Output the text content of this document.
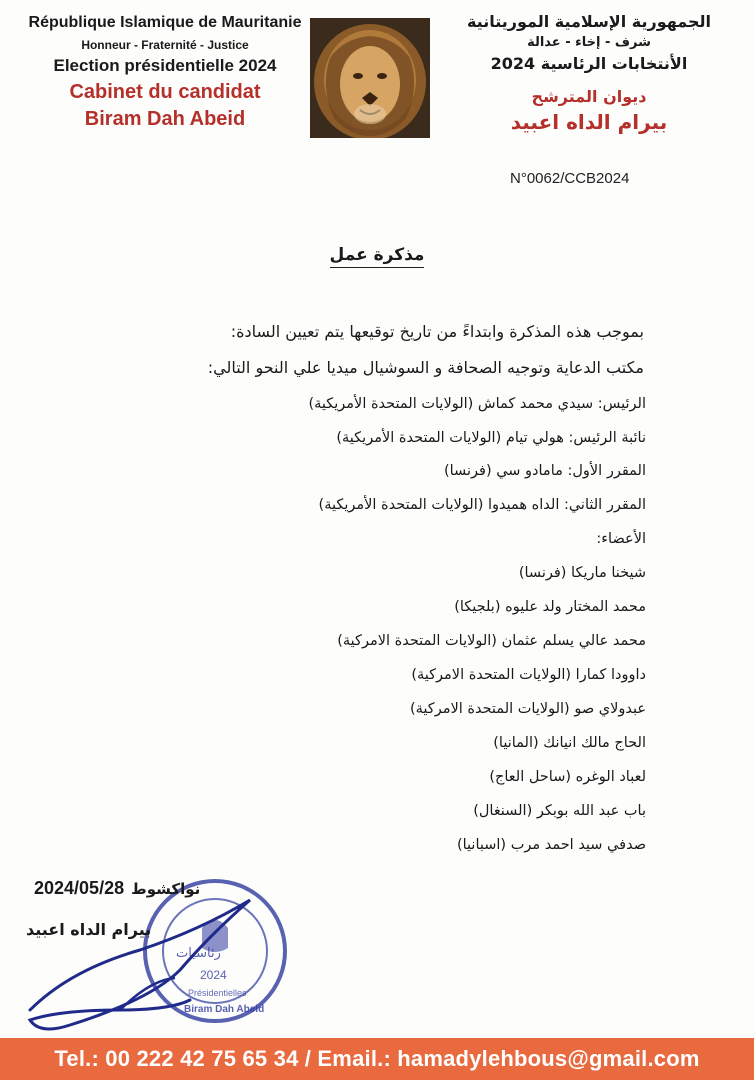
République Islamique de Mauritanie
Honneur - Fraternité - Justice
Election présidentielle 2024
Cabinet du candidat
Biram Dah Abeid
الجمهورية الإسلامية الموريتانية
شرف - إخاء - عدالة
الأنتخابات الرئاسية 2024
ديوان المترشح
بيرام الداه اعبيد
N°0062/CCB2024
مذكرة عمل
بموجب هذه المذكرة وابتداءً من تاريخ توقيعها يتم تعيين السادة:
مكتب الدعاية وتوجيه الصحافة و السوشيال ميديا علي النحو التالي:
الرئيس: سيدي محمد كماش (الولايات المتحدة الأمريكية)
نائبة الرئيس: هولي تيام (الولايات المتحدة الأمريكية)
المقرر الأول: مامادو سي (فرنسا)
المقرر الثاني: الداه هميدوا (الولايات المتحدة الأمريكية)
الأعضاء:
شيخنا ماريكا (فرنسا)
محمد المختار ولد عليوه (بلجيكا)
محمد عالي يسلم عثمان (الولايات المتحدة الامركية)
داوودا كمارا (الولايات المتحدة الامركية)
عبدولاي صو (الولايات المتحدة الامركية)
الحاج مالك انيانك (المانيا)
لعباد الوغره (ساحل العاج)
باب عبد الله بوبكر (السنغال)
صدفي سيد احمد مرب (اسبانيا)
رئاسيات
2024
Présidentielles
Biram Dah Abeid
2024/05/28 نواكشوط
بيرام الداه اعبيد
Tel.: 00 222 42 75 65 34 / Email.: hamadylehbous@gmail.com
